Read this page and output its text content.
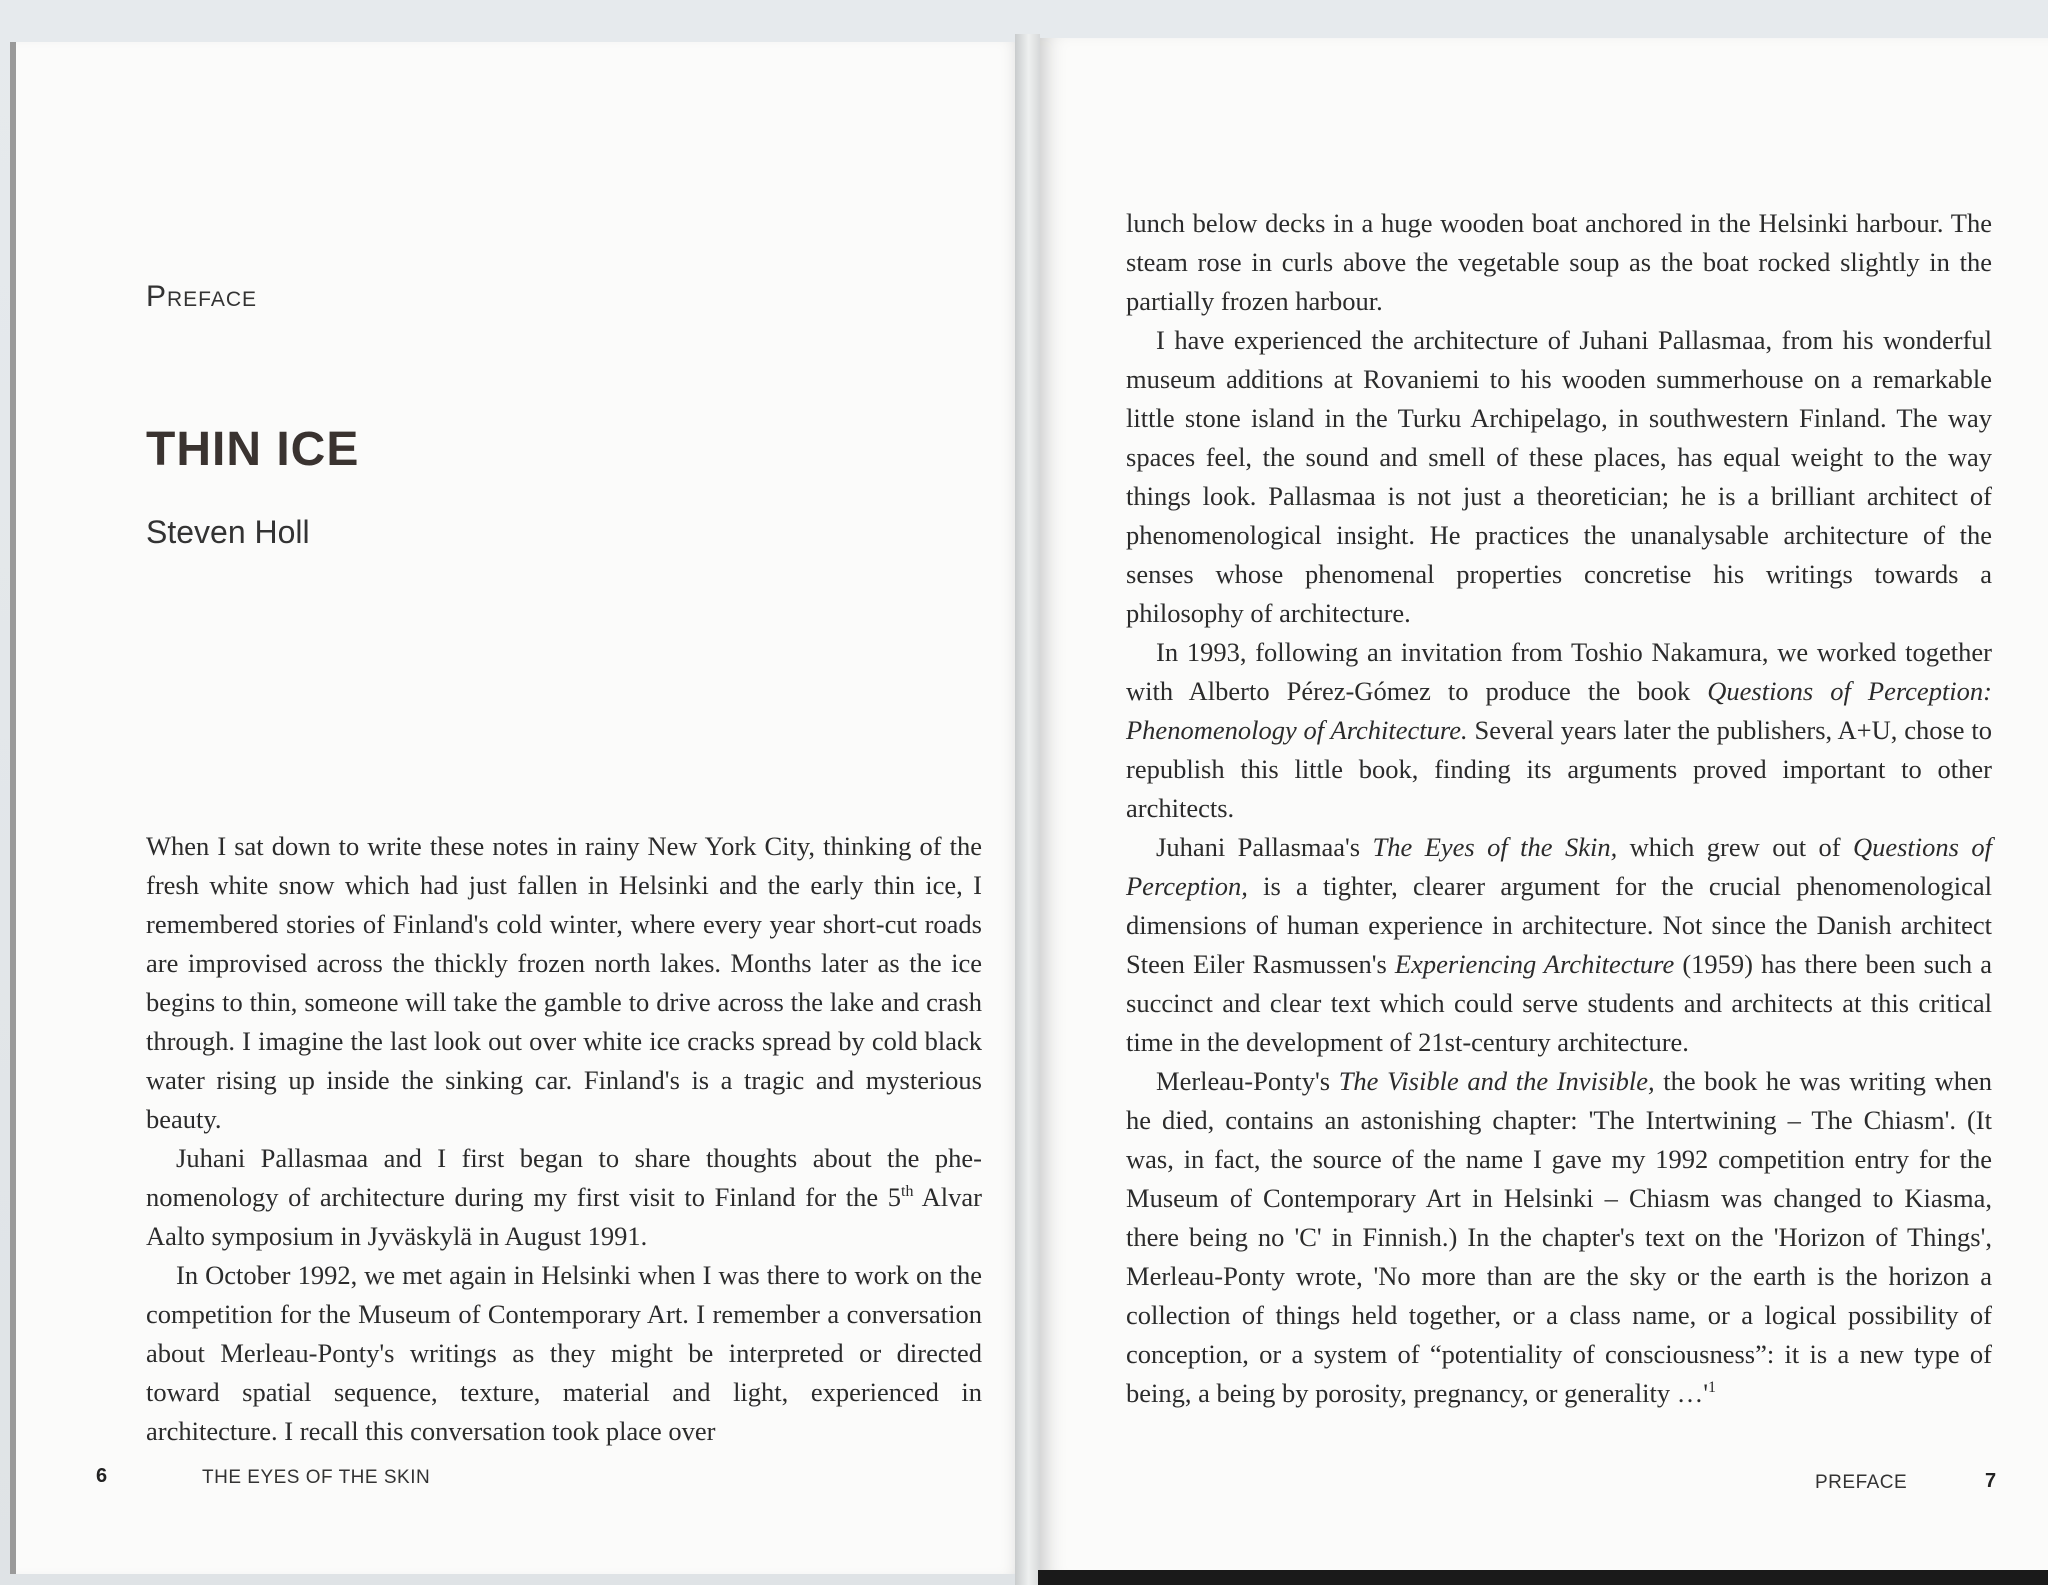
Preface
THIN ICE
Steven Holl

When I sat down to write these notes in rainy New York City, thinking of the fresh white snow which had just fallen in Helsinki and the early thin ice, I remembered stories of Finland's cold winter, where every year short-cut roads are improvised across the thickly frozen north lakes. Months later as the ice begins to thin, someone will take the gamble to drive across the lake and crash through. I imagine the last look out over white ice cracks spread by cold black water rising up inside the sinking car. Finland's is a tragic and mysterious beauty.

Juhani Pallasmaa and I first began to share thoughts about the phenomenology of architecture during my first visit to Finland for the 5th Alvar Aalto symposium in Jyväskylä in August 1991.

In October 1992, we met again in Helsinki when I was there to work on the competition for the Museum of Contemporary Art. I remember a conversation about Merleau-Ponty's writings as they might be interpreted or directed toward spatial sequence, texture, material and light, experienced in architecture. I recall this conversation took place over

6	THE EYES OF THE SKIN

lunch below decks in a huge wooden boat anchored in the Helsinki harbour. The steam rose in curls above the vegetable soup as the boat rocked slightly in the partially frozen harbour.

I have experienced the architecture of Juhani Pallasmaa, from his wonderful museum additions at Rovaniemi to his wooden summerhouse on a remarkable little stone island in the Turku Archipelago, in southwestern Finland. The way spaces feel, the sound and smell of these places, has equal weight to the way things look. Pallasmaa is not just a theoretician; he is a brilliant architect of phenomenological insight. He practices the unanalysable architecture of the senses whose phenomenal properties concretise his writings towards a philosophy of architecture.

In 1993, following an invitation from Toshio Nakamura, we worked together with Alberto Pérez-Gómez to produce the book Questions of Perception: Phenomenology of Architecture. Several years later the publishers, A+U, chose to republish this little book, finding its arguments proved important to other architects.

Juhani Pallasmaa's The Eyes of the Skin, which grew out of Questions of Perception, is a tighter, clearer argument for the crucial phenomenological dimensions of human experience in architecture. Not since the Danish architect Steen Eiler Rasmussen's Experiencing Architecture (1959) has there been such a succinct and clear text which could serve students and architects at this critical time in the development of 21st-century architecture.

Merleau-Ponty's The Visible and the Invisible, the book he was writing when he died, contains an astonishing chapter: 'The Intertwining – The Chiasm'. (It was, in fact, the source of the name I gave my 1992 competition entry for the Museum of Contemporary Art in Helsinki – Chiasm was changed to Kiasma, there being no 'C' in Finnish.) In the chapter's text on the 'Horizon of Things', Merleau-Ponty wrote, 'No more than are the sky or the earth is the horizon a collection of things held together, or a class name, or a logical possibility of conception, or a system of “potentiality of consciousness”: it is a new type of being, a being by porosity, pregnancy, or generality $\dots'^1$

PREFACE	7
